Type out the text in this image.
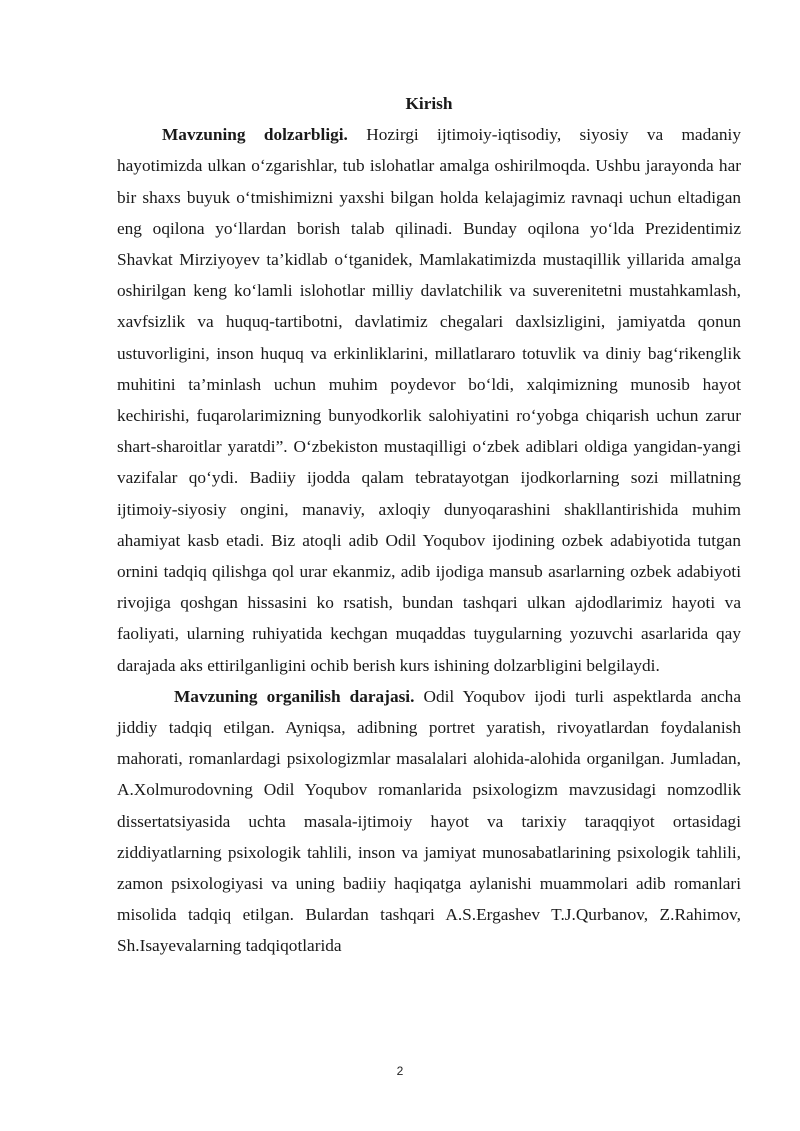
Kirish

Mavzuning dolzarbligi. Hozirgi ijtimoiy-iqtisodiy, siyosiy va madaniy hayotimizda ulkan o‘zgarishlar, tub islohatlar amalga oshirilmoqda. Ushbu jarayonda har bir shaxs buyuk o‘tmishimizni yaxshi bilgan holda kelajagimiz ravnaqi uchun eltadigan eng oqilona yo‘llardan borish talab qilinadi. Bunday oqilona yo‘lda Prezidentimiz Shavkat Mirziyoyev ta’kidlab o‘tganidek, Mamlakatimizda mustaqillik yillarida amalga oshirilgan keng ko‘lamli islohotlar milliy davlatchilik va suverenitetni mustahkamlash, xavfsizlik va huquq-tartibotni, davlatimiz chegalari daxlsizligini, jamiyatda qonun ustuvorligini, inson huquq va erkinliklarini, millatlararo totuvlik va diniy bag‘rikenglik muhitini ta’minlash uchun muhim poydevor bo‘ldi, xalqimizning munosib hayot kechirishi, fuqarolarimizning bunyodkorlik salohiyatini ro‘yobga chiqarish uchun zarur shart-sharoitlar yaratdi”. O‘zbekiston mustaqilligi o‘zbek adiblari oldiga yangidan-yangi vazifalar qo‘ydi. Badiiy ijodda qalam tebratayotgan ijodkorlarning sozi millatning ijtimoiy-siyosiy ongini, manaviy, axloqiy dunyoqarashini shakllantirishida muhim ahamiyat kasb etadi. Biz atoqli adib Odil Yoqubov ijodining ozbek adabiyotida tutgan ornini tadqiq qilishga qol urar ekanmiz, adib ijodiga mansub asarlarning ozbek adabiyoti rivojiga qoshgan hissasini ko rsatish, bundan tashqari ulkan ajdodlarimiz hayoti va faoliyati, ularning ruhiyatida kechgan muqaddas tuygularning yozuvchi asarlarida qay darajada aks ettirilganligini ochib berish kurs ishining dolzarbligini belgilaydi.

Mavzuning organilish darajasi. Odil Yoqubov ijodi turli aspektlarda ancha jiddiy tadqiq etilgan. Ayniqsa, adibning portret yaratish, rivoyatlardan foydalanish mahorati, romanlardagi psixologizmlar masalalari alohida-alohida organilgan. Jumladan, A.Xolmurodovning Odil Yoqubov romanlarida psixologizm mavzusidagi nomzodlik dissertatsiyasida uchta masala-ijtimoiy hayot va tarixiy taraqqiyot ortasidagi ziddiyatlarning psixologik tahlili, inson va jamiyat munosabatlarining psixologik tahlili, zamon psixologiyasi va uning badiiy haqiqatga aylanishi muammolari adib romanlari misolida tadqiq etilgan. Bulardan tashqari A.S.Ergashev T.J.Qurbanov, Z.Rahimov, Sh.Isayevalarning tadqiqotlarida

2
